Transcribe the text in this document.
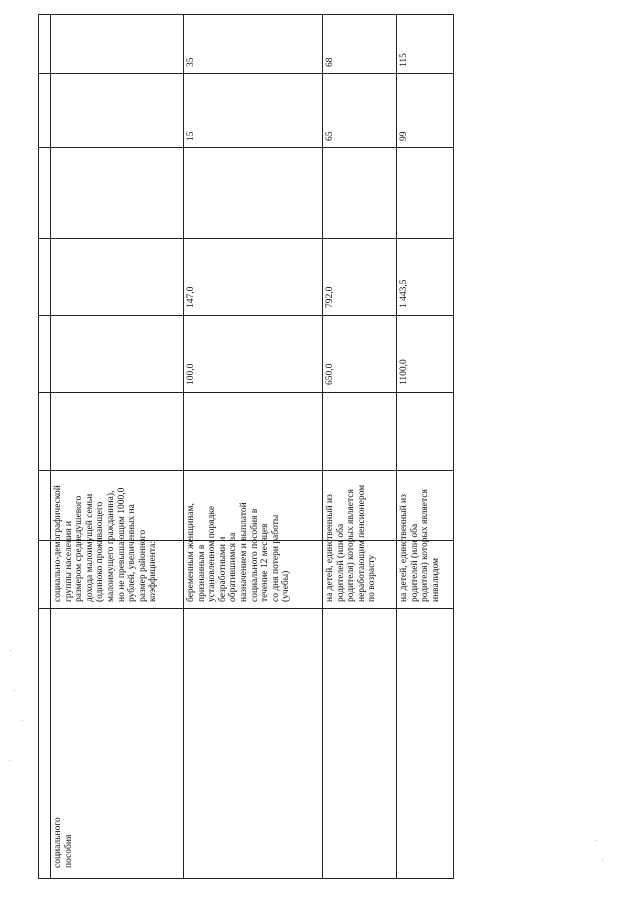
социального
пособия
социально-демографической
группы населения и
размером среднедушевого
дохода малоимущей семьи
(одиноко проживающего
малоимущего гражданина),
но не превышающим 1000,0
рублей, увеличенных на
размер районного
коэффициента:	беременным женщинам,
признанным в
установленном порядке
безработными и
обратившимся за
назначением и выплатой
социального пособия в
течение 12 месяцев
со дня потери работы
(учебы)
100,0
147,0
15
35
на детей, единственный из
родителей (или оба
родителя) которых является
неработающим пенсионером
по возрасту
650,0
792,0
65
68
на детей, единственный из
родителей (или оба
родителя) которых является
инвалидом
1100,0
1 443,5
99
115
